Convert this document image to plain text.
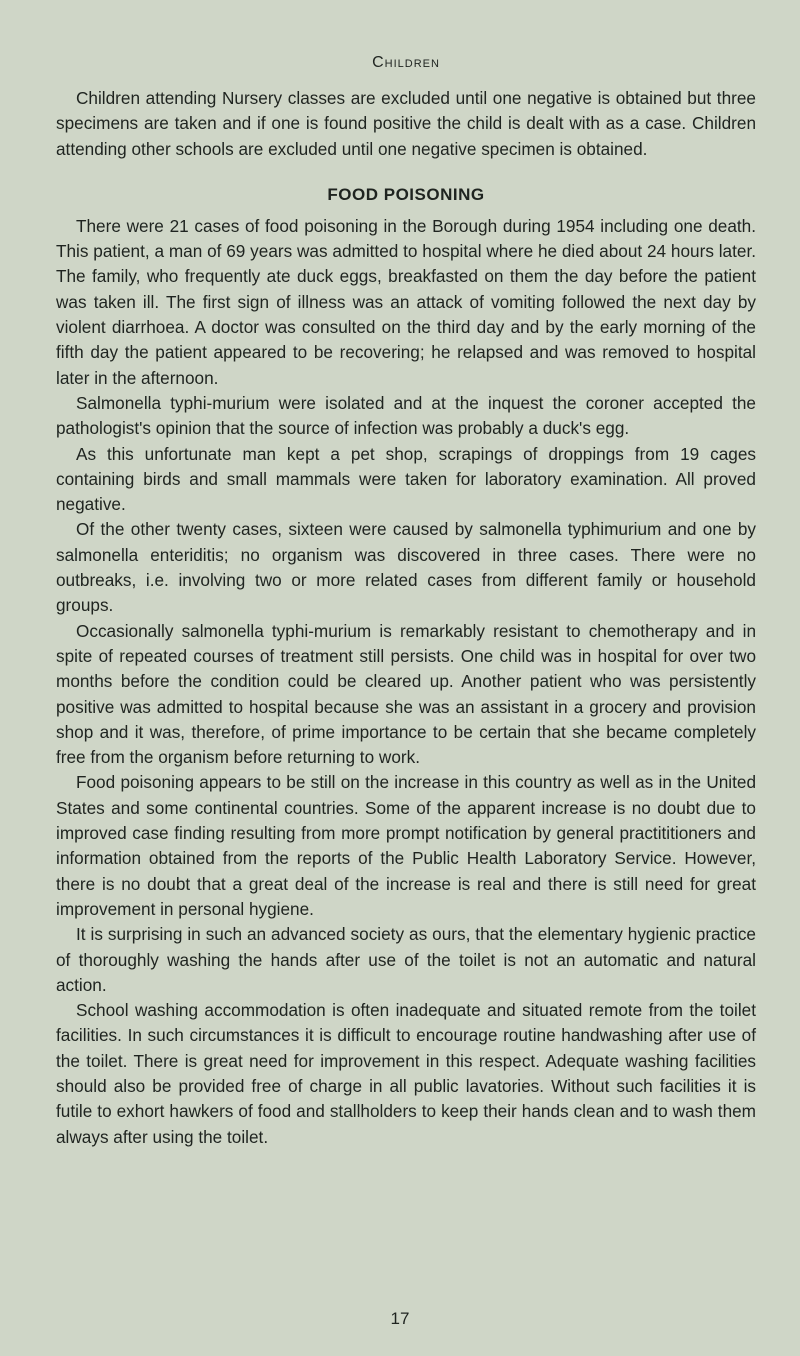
Children

Children attending Nursery classes are excluded until one negative is obtained but three specimens are taken and if one is found positive the child is dealt with as a case. Children attending other schools are excluded until one negative specimen is obtained.

FOOD POISONING

There were 21 cases of food poisoning in the Borough during 1954 including one death. This patient, a man of 69 years was admitted to hospital where he died about 24 hours later. The family, who frequently ate duck eggs, breakfasted on them the day before the patient was taken ill. The first sign of illness was an attack of vomiting followed the next day by violent diarrhoea. A doctor was consulted on the third day and by the early morning of the fifth day the patient appeared to be recovering; he relapsed and was removed to hospital later in the afternoon.

Salmonella typhi-murium were isolated and at the inquest the coroner accepted the pathologist's opinion that the source of infection was probably a duck's egg.

As this unfortunate man kept a pet shop, scrapings of droppings from 19 cages containing birds and small mammals were taken for laboratory examination. All proved negative.

Of the other twenty cases, sixteen were caused by salmonella typhimurium and one by salmonella enteriditis; no organism was discovered in three cases. There were no outbreaks, i.e. involving two or more related cases from different family or household groups.

Occasionally salmonella typhi-murium is remarkably resistant to chemotherapy and in spite of repeated courses of treatment still persists. One child was in hospital for over two months before the condition could be cleared up. Another patient who was persistently positive was admitted to hospital because she was an assistant in a grocery and provision shop and it was, therefore, of prime importance to be certain that she became completely free from the organism before returning to work.

Food poisoning appears to be still on the increase in this country as well as in the United States and some continental countries. Some of the apparent increase is no doubt due to improved case finding resulting from more prompt notification by general practititioners and information obtained from the reports of the Public Health Laboratory Service. However, there is no doubt that a great deal of the increase is real and there is still need for great improvement in personal hygiene.

It is surprising in such an advanced society as ours, that the elementary hygienic practice of thoroughly washing the hands after use of the toilet is not an automatic and natural action.

School washing accommodation is often inadequate and situated remote from the toilet facilities. In such circumstances it is difficult to encourage routine handwashing after use of the toilet. There is great need for improvement in this respect. Adequate washing facilities should also be provided free of charge in all public lavatories. Without such facilities it is futile to exhort hawkers of food and stallholders to keep their hands clean and to wash them always after using the toilet.

17
